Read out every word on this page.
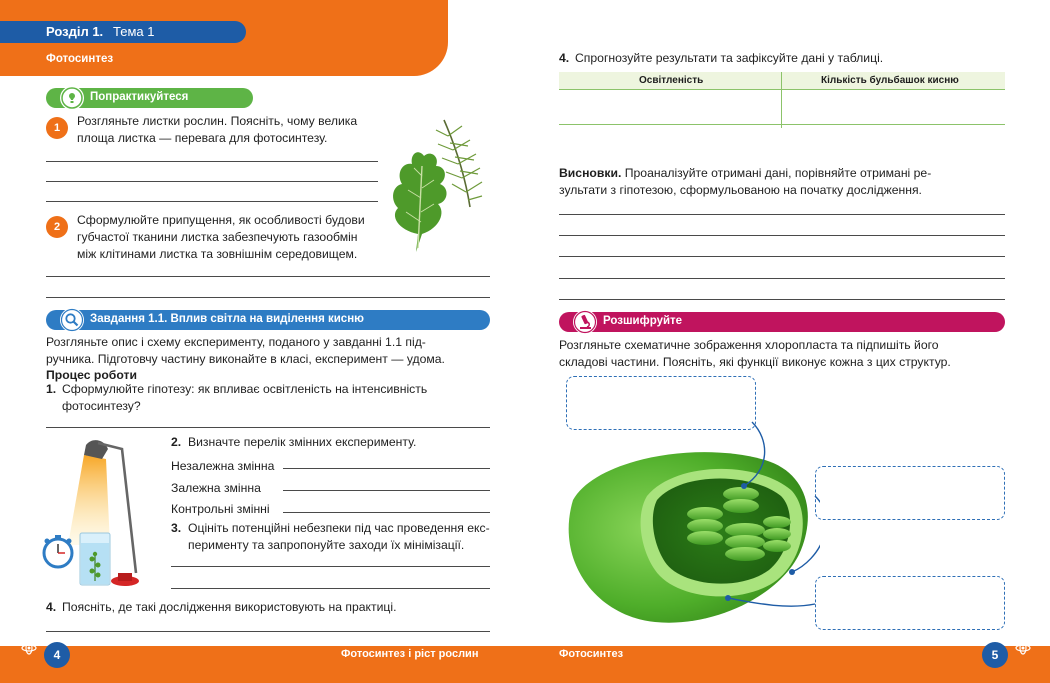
Розділ 1. Тема 1
Фотосинтез
Попрактикуйтеся
1	Розгляньте листки рослин. Поясніть, чому велика
площа листка — перевага для фотосинтезу.
2	Сформулюйте припущення, як особливості будови
губчастої тканини листка забезпечують газообмін
між клітинами листка та зовнішнім середовищем.
Завдання 1.1. Вплив світла на виділення кисню
Розгляньте опис і схему експерименту, поданого у завданні 1.1 під-
ручника. Підготовчу частину виконайте в класі, експеримент — удома.
Процес роботи
1. Сформулюйте гіпотезу: як впливає освітленість на інтенсивність
фотосинтезу?
2. Визначте перелік змінних експерименту.
Незалежна змінна
Залежна змінна
Контрольні змінні
3. Оцініть потенційні небезпеки під час проведення екс-
перименту та запропонуйте заходи їх мінімізації.
4. Поясніть, де такі дослідження використовують на практиці.
4. Спрогнозуйте результати та зафіксуйте дані у таблиці.
Освітленість	Кількість бульбашок кисню
Висновки. Проаналізуйте отримані дані, порівняйте отримані ре-
зультати з гіпотезою, сформульованою на початку дослідження.
Розшифруйте
Розгляньте схематичне зображення хлоропласта та підпишіть його
складові частини. Поясніть, які функції виконує кожна з цих структур.
4	Фотосинтез і ріст рослин	Фотосинтез	5
